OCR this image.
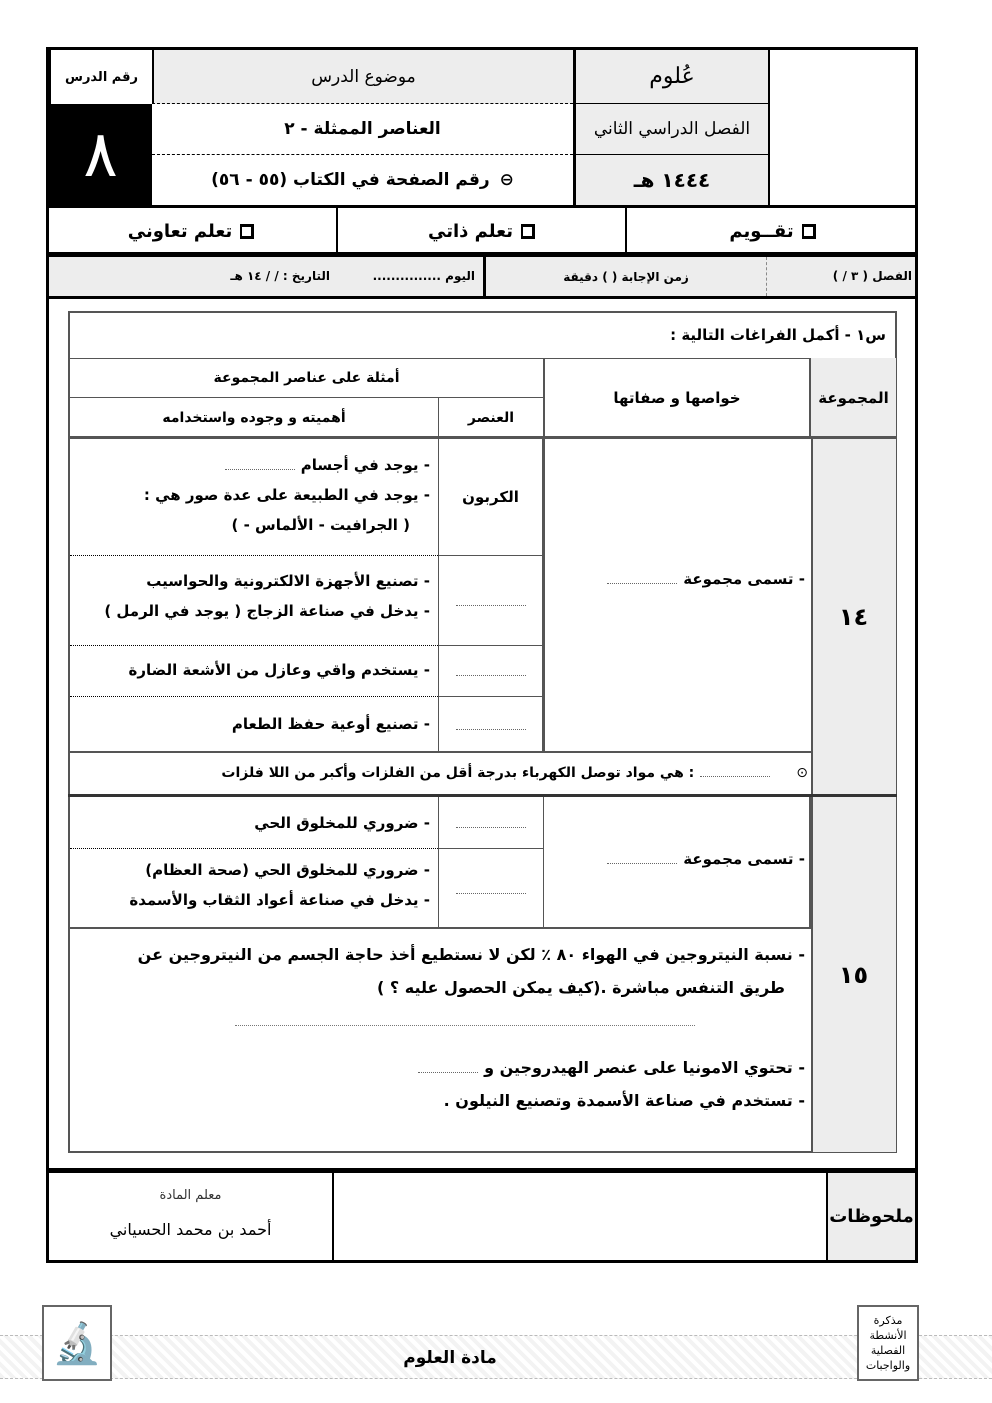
رقم الدرس
٨
موضوع الدرس
العناصر الممثلة - ٢
⊖
رقم الصفحة في الكتاب (٥٥ - ٥٦)
عُلوم
الفصل الدراسي الثاني
١٤٤٤ هـ
تقــويم
تعلم ذاتي
تعلم تعاوني
الفصل ( ٣ / )
زمن الإجابة ( ) دقيقة
اليوم ...............
التاريخ : / / ١٤ هـ
س١ - أكمل الفراغات التالية :
المجموعة
خواصها و صفاتها
أمثلة على عناصر المجموعة
العنصر
أهميته و وجوده واستخدامه
١٤
- تسمى مجموعة
الكربون
- يوجد في أجسام
- يوجد في الطبيعة على عدة صور هي :
( الجرافيت - الألماس - )
- تصنيع الأجهزة الالكترونية والحواسيب
- يدخل في صناعة الزجاج ( يوجد في الرمل )
- يستخدم واقي وعازل من الأشعة الضارة
- تصنيع أوعية حفظ الطعام
⊙: هي مواد توصل الكهرباء بدرجة أقل من الفلزات وأكبر من اللا فلزات
١٥
- تسمى مجموعة
- ضروري للمخلوق الحي
- ضروري للمخلوق الحي (صحة العظام)
- يدخل في صناعة أعواد الثقاب والأسمدة
- نسبة النيتروجين في الهواء ٨٠ ٪ لكن لا نستطيع أخذ حاجة الجسم من النيتروجين عن
طريق التنفس مباشرة .(كيف يمكن الحصول عليه ؟ )
- تحتوي الامونيا على عنصر الهيدروجين و
- تستخدم في صناعة الأسمدة وتصنيع النيلون .
ملحوظات
معلم المادة
أحمد بن محمد الحسياني
مادة العلوم
🔬	مذكرة الأنشطة الفصلية والواجبات
